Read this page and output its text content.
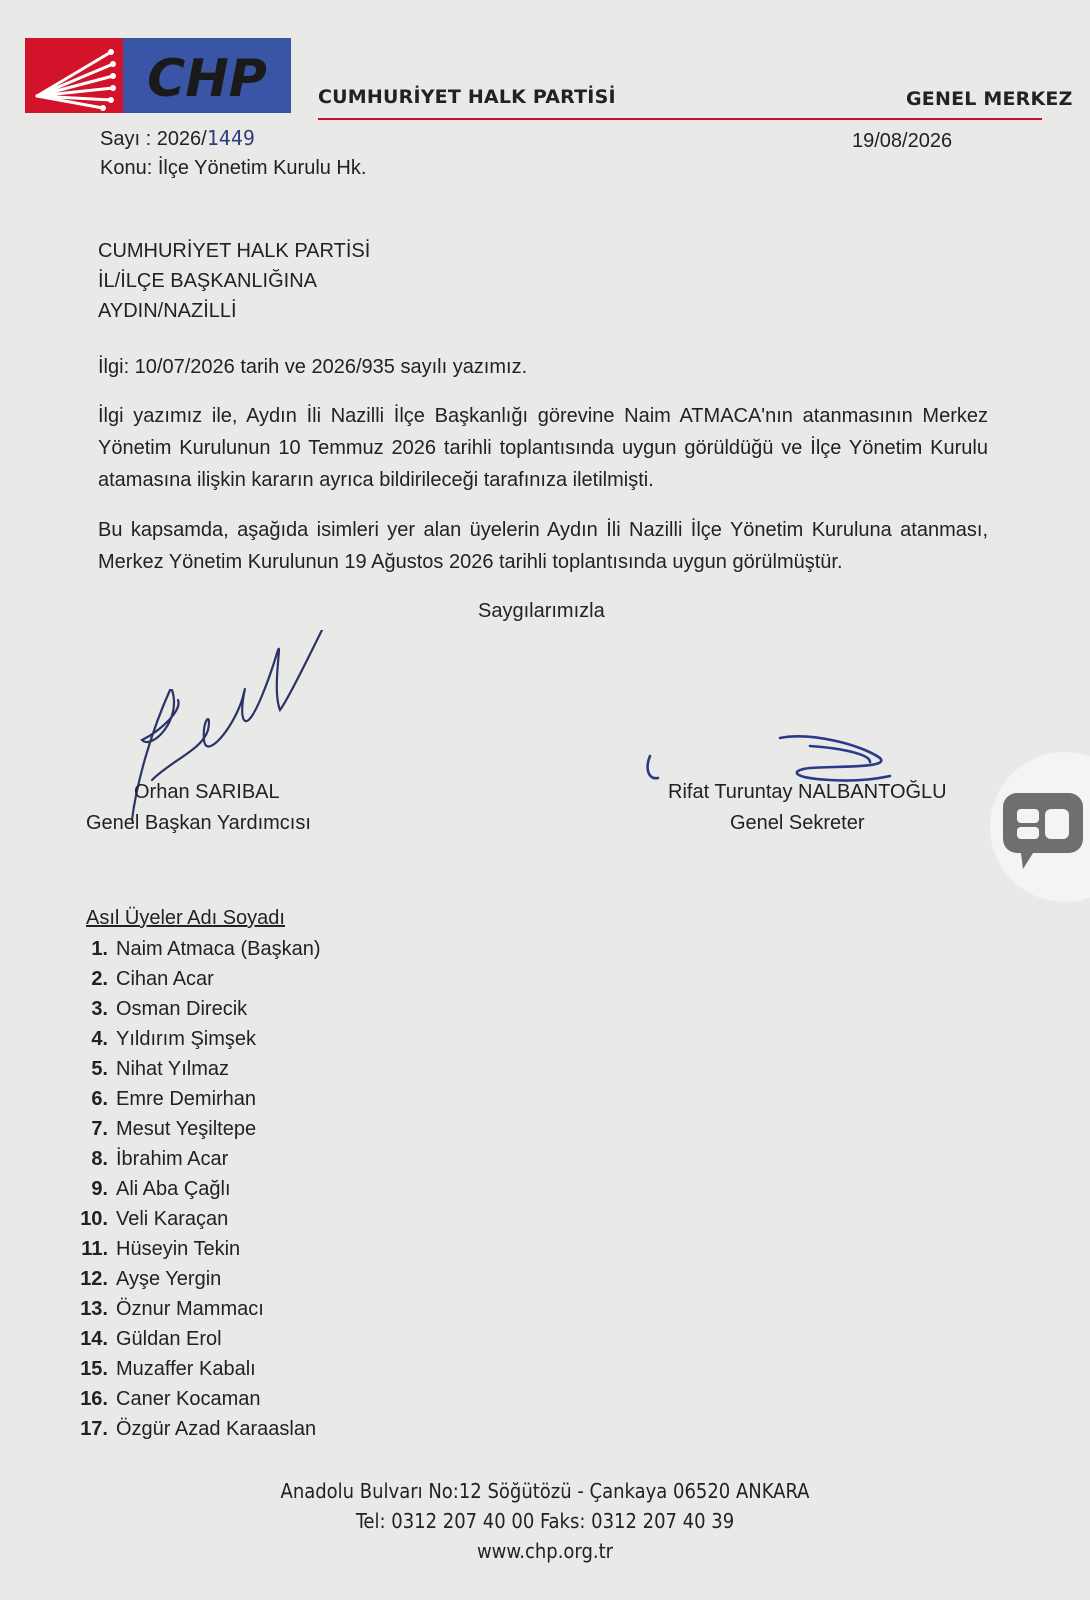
CHP	CUMHURİYET HALK PARTİSİ	GENEL MERKEZ
Sayı : 2026/1449	19/08/2026
Konu: İlçe Yönetim Kurulu Hk.
CUMHURİYET HALK PARTİSİ
İL/İLÇE BAŞKANLIĞINA
AYDIN/NAZİLLİ
İlgi: 10/07/2026 tarih ve 2026/935 sayılı yazımız.
İlgi yazımız ile, Aydın İli Nazilli İlçe Başkanlığı görevine Naim ATMACA'nın atanmasının Merkez Yönetim Kurulunun 10 Temmuz 2026 tarihli toplantısında uygun görüldüğü ve İlçe Yönetim Kurulu atamasına ilişkin kararın ayrıca bildirileceği tarafınıza iletilmişti.
Bu kapsamda, aşağıda isimleri yer alan üyelerin Aydın İli Nazilli İlçe Yönetim Kuruluna atanması, Merkez Yönetim Kurulunun 19 Ağustos 2026 tarihli toplantısında uygun görülmüştür.
Saygılarımızla
Orhan SARIBAL
Genel Başkan Yardımcısı
Rifat Turuntay NALBANTOĞLU
Genel Sekreter
Asıl Üyeler Adı Soyadı
1. Naim Atmaca (Başkan)
2. Cihan Acar
3. Osman Direcik
4. Yıldırım Şimşek
5. Nihat Yılmaz
6. Emre Demirhan
7. Mesut Yeşiltepe
8. İbrahim Acar
9. Ali Aba Çağlı
10. Veli Karaçan
11. Hüseyin Tekin
12. Ayşe Yergin
13. Öznur Mammacı
14. Güldan Erol
15. Muzaffer Kabalı
16. Caner Kocaman
17. Özgür Azad Karaaslan
Anadolu Bulvarı No:12 Söğütözü - Çankaya 06520 ANKARA
Tel: 0312 207 40 00 Faks: 0312 207 40 39
www.chp.org.tr
